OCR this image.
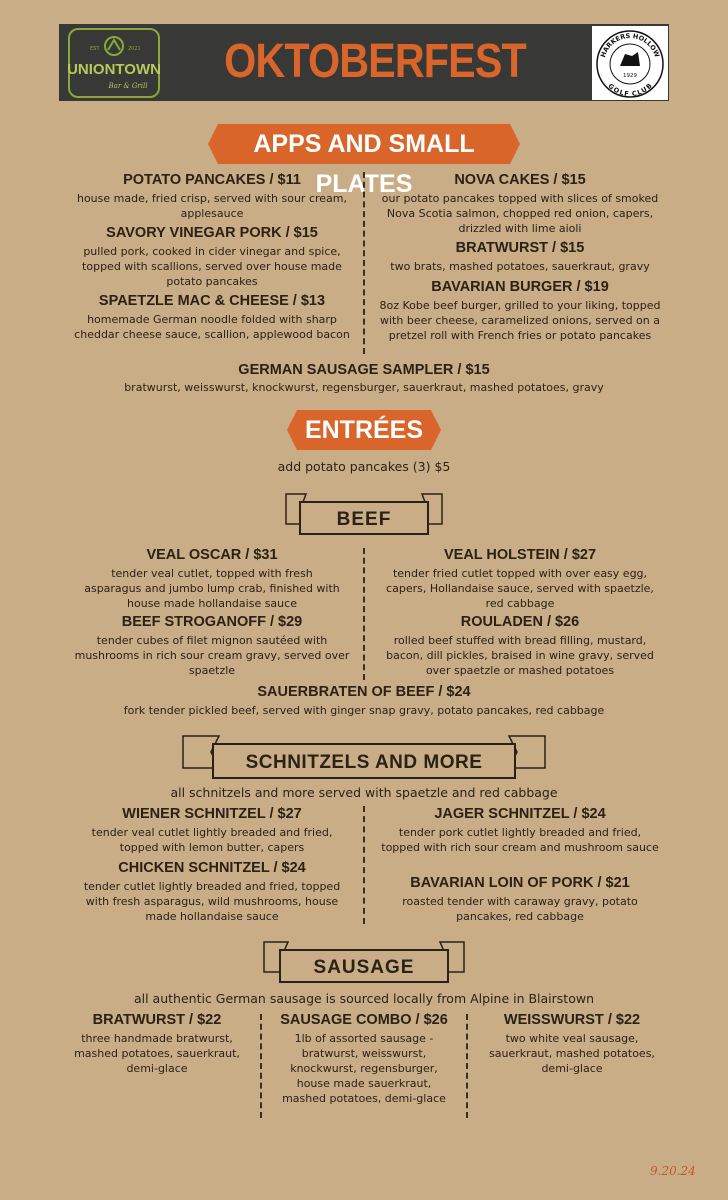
EST.	2021
UNIONTOWN
Bar & Grill	OKTOBERFEST	HARKERS HOLLOW
GOLF CLUB
1929
APPS AND SMALL PLATES
POTATO PANCAKES / $11
house made, fried crisp, served with sour cream, applesauce
SAVORY VINEGAR PORK / $15
pulled pork, cooked in cider vinegar and spice, topped with scallions, served over house made potato pancakes
SPAETZLE MAC & CHEESE / $13
homemade German noodle folded with sharp cheddar cheese sauce, scallion, applewood bacon
NOVA CAKES / $15
our potato pancakes topped with slices of smoked Nova Scotia salmon, chopped red onion, capers, drizzled with lime aioli
BRATWURST / $15
two brats, mashed potatoes, sauerkraut, gravy
BAVARIAN BURGER / $19
8oz Kobe beef burger, grilled to your liking, topped with beer cheese, caramelized onions, served on a pretzel roll with French fries or potato pancakes
GERMAN SAUSAGE SAMPLER / $15
bratwurst, weisswurst, knockwurst, regensburger, sauerkraut, mashed potatoes, gravy
ENTRÉES
add potato pancakes (3) $5
BEEF
VEAL OSCAR / $31
tender veal cutlet, topped with fresh asparagus and jumbo lump crab, finished with house made hollandaise sauce
BEEF STROGANOFF / $29
tender cubes of filet mignon sautéed with mushrooms in rich sour cream gravy, served over spaetzle
VEAL HOLSTEIN / $27
tender fried cutlet topped with over easy egg, capers, Hollandaise sauce, served with spaetzle, red cabbage
ROULADEN / $26
rolled beef stuffed with bread filling, mustard, bacon, dill pickles, braised in wine gravy, served over spaetzle or mashed potatoes
SAUERBRATEN OF BEEF / $24
fork tender pickled beef, served with ginger snap gravy, potato pancakes, red cabbage
SCHNITZELS AND MORE
all schnitzels and more served with spaetzle and red cabbage
WIENER SCHNITZEL / $27
tender veal cutlet lightly breaded and fried, topped with lemon butter, capers
CHICKEN SCHNITZEL / $24
tender cutlet lightly breaded and fried, topped with fresh asparagus, wild mushrooms, house made hollandaise sauce
JAGER SCHNITZEL / $24
tender pork cutlet lightly breaded and fried, topped with rich sour cream and mushroom sauce
BAVARIAN LOIN OF PORK / $21
roasted tender with caraway gravy, potato pancakes, red cabbage
SAUSAGE
all authentic German sausage is sourced locally from Alpine in Blairstown
BRATWURST / $22
three handmade bratwurst, mashed potatoes, sauerkraut, demi-glace
SAUSAGE COMBO / $26
1lb of assorted sausage - bratwurst, weisswurst, knockwurst, regensburger, house made sauerkraut, mashed potatoes, demi-glace
WEISSWURST / $22
two white veal sausage, sauerkraut, mashed potatoes, demi-glace
9.20.24
